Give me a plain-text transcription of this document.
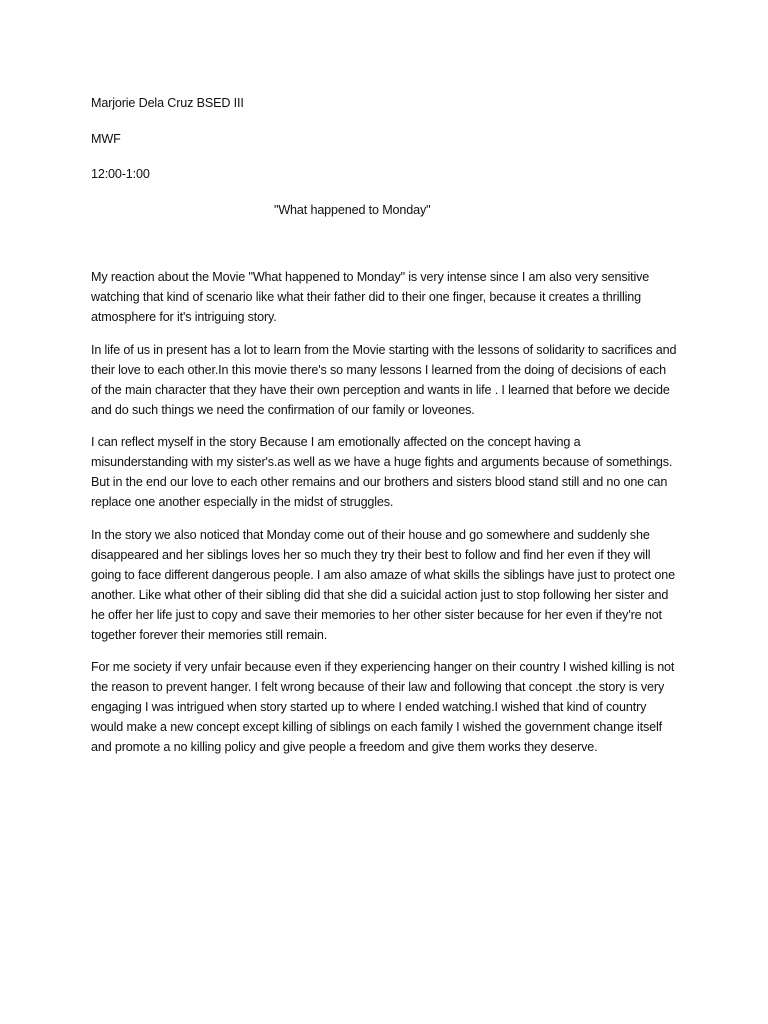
Marjorie Dela Cruz BSED III
MWF
12:00-1:00
"What happened to Monday"

My reaction about the Movie "What happened to Monday" is very intense since I am also very sensitive watching that kind of scenario like what their father did to their one finger, because it creates a thrilling atmosphere for it's intriguing story.

In life of us in present has a lot to learn from the Movie starting with the lessons of solidarity to sacrifices and their love to each other.In this movie there's so many lessons I learned from the doing of decisions of each of the main character that they have their own perception and wants in life . I learned that before we decide and do such things we need the confirmation of our family or loveones.

I can reflect myself in the story Because I am emotionally affected on the concept having a misunderstanding with my sister's.as well as we have a huge fights and arguments because of somethings. But in the end our love to each other remains and our brothers and sisters blood stand still and no one can replace one another especially in the midst of struggles.

In the story we also noticed that Monday come out of their house and go somewhere and suddenly she disappeared and her siblings loves her so much they try their best to follow and find her even if they will going to face different dangerous people. I am also amaze of what skills the siblings have just to protect one another. Like what other of their sibling did that she did a suicidal action just to stop following her sister and he offer her life just to copy and save their memories to her other sister because for her even if they're not together forever their memories still remain.

For me society if very unfair because even if they experiencing hanger on their country I wished killing is not the reason to prevent hanger. I felt wrong because of their law and following that concept .the story is very engaging I was intrigued when story started up to where I ended watching.I wished that kind of country would make a new concept except killing of siblings on each family I wished the government change itself and promote a no killing policy and give people a freedom and give them works they deserve.
